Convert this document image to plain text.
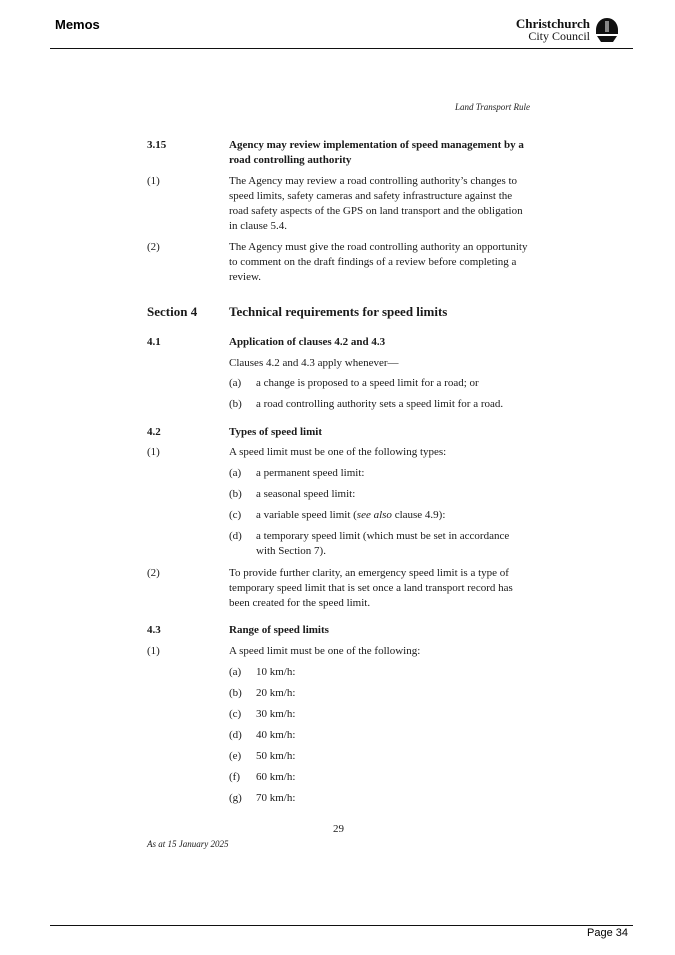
Memos	Christchurch
City Council
Land Transport Rule
3.15	Agency may review implementation of speed management by a road controlling authority
(1)	The Agency may review a road controlling authority’s changes to speed limits, safety cameras and safety infrastructure against the road safety aspects of the GPS on land transport and the obligation in clause 5.4.
(2)	The Agency must give the road controlling authority an opportunity to comment on the draft findings of a review before completing a review.
Section 4 Technical requirements for speed limits
4.1	Application of clauses 4.2 and 4.3
Clauses 4.2 and 4.3 apply whenever—
(a) a change is proposed to a speed limit for a road; or
(b) a road controlling authority sets a speed limit for a road.
4.2	Types of speed limit
(1)	A speed limit must be one of the following types:
(a) a permanent speed limit:
(b) a seasonal speed limit:
(c) a variable speed limit (see also clause 4.9):
(d) a temporary speed limit (which must be set in accordance with Section 7).
(2)	To provide further clarity, an emergency speed limit is a type of temporary speed limit that is set once a land transport record has been created for the speed limit.
4.3	Range of speed limits
(1)	A speed limit must be one of the following:
(a) 10 km/h:
(b) 20 km/h:
(c) 30 km/h:
(d) 40 km/h:
(e) 50 km/h:
(f) 60 km/h:
(g) 70 km/h:
29
As at 15 January 2025
Page 34
